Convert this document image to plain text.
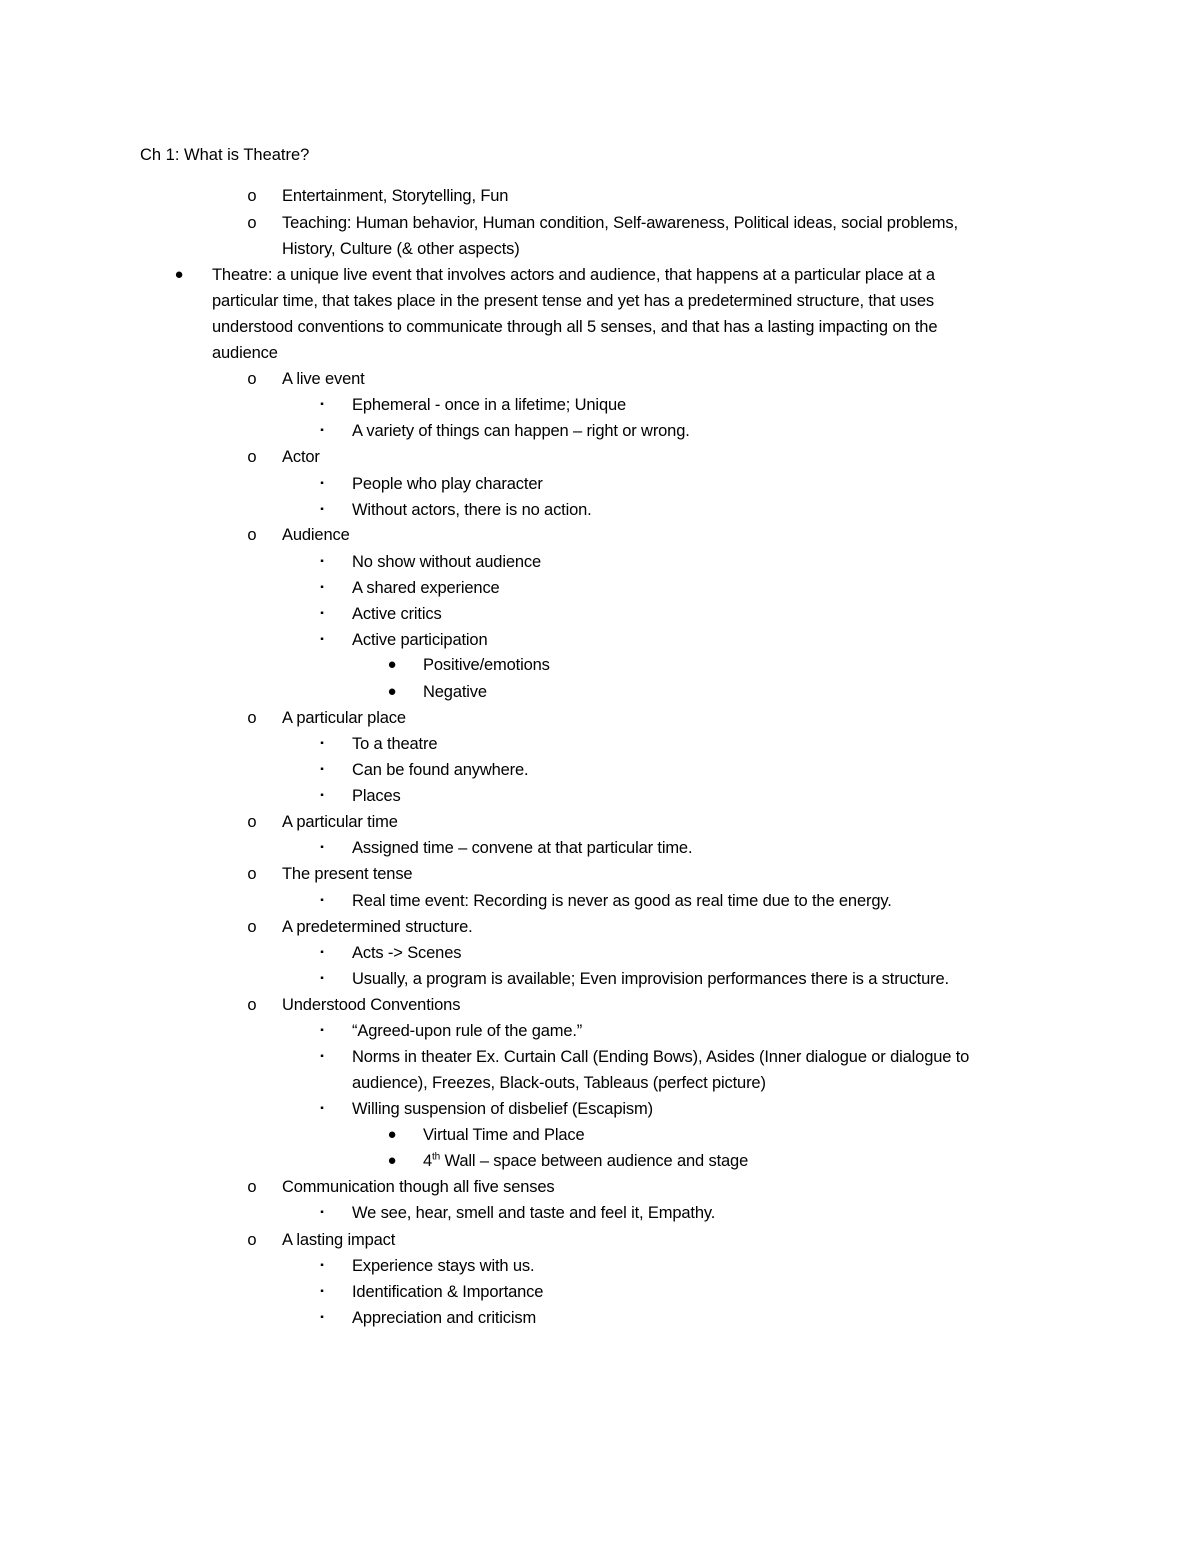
Ch 1: What is Theatre?
o Entertainment, Storytelling, Fun
o Teaching: Human behavior, Human condition, Self-awareness, Political ideas, social problems,
History, Culture (& other aspects)
● Theatre: a unique live event that involves actors and audience, that happens at a particular place at a
particular time, that takes place in the present tense and yet has a predetermined structure, that uses
understood conventions to communicate through all 5 senses, and that has a lasting impacting on the
audience
o A live event
▪	Ephemeral - once in a lifetime; Unique
▪	A variety of things can happen – right or wrong.
o Actor
▪	People who play character
▪	Without actors, there is no action.
o Audience
▪	No show without audience
▪	A shared experience
▪	Active critics
▪	Active participation
● Positive/emotions
● Negative
o A particular place
▪	To a theatre
▪	Can be found anywhere.
▪	Places
o A particular time
▪	Assigned time – convene at that particular time.
o The present tense
▪	Real time event: Recording is never as good as real time due to the energy.
o A predetermined structure.
▪	Acts -> Scenes
▪	Usually, a program is available; Even improvision performances there is a structure.
o Understood Conventions
▪	“Agreed-upon rule of the game.”
▪	Norms in theater Ex. Curtain Call (Ending Bows), Asides (Inner dialogue or dialogue to
audience), Freezes, Black-outs, Tableaus (perfect picture)
▪	Willing suspension of disbelief (Escapism)
● Virtual Time and Place
● 4th Wall – space between audience and stage
o Communication though all five senses
▪	We see, hear, smell and taste and feel it, Empathy.
o A lasting impact
▪	Experience stays with us.
▪	Identification & Importance
▪	Appreciation and criticism
